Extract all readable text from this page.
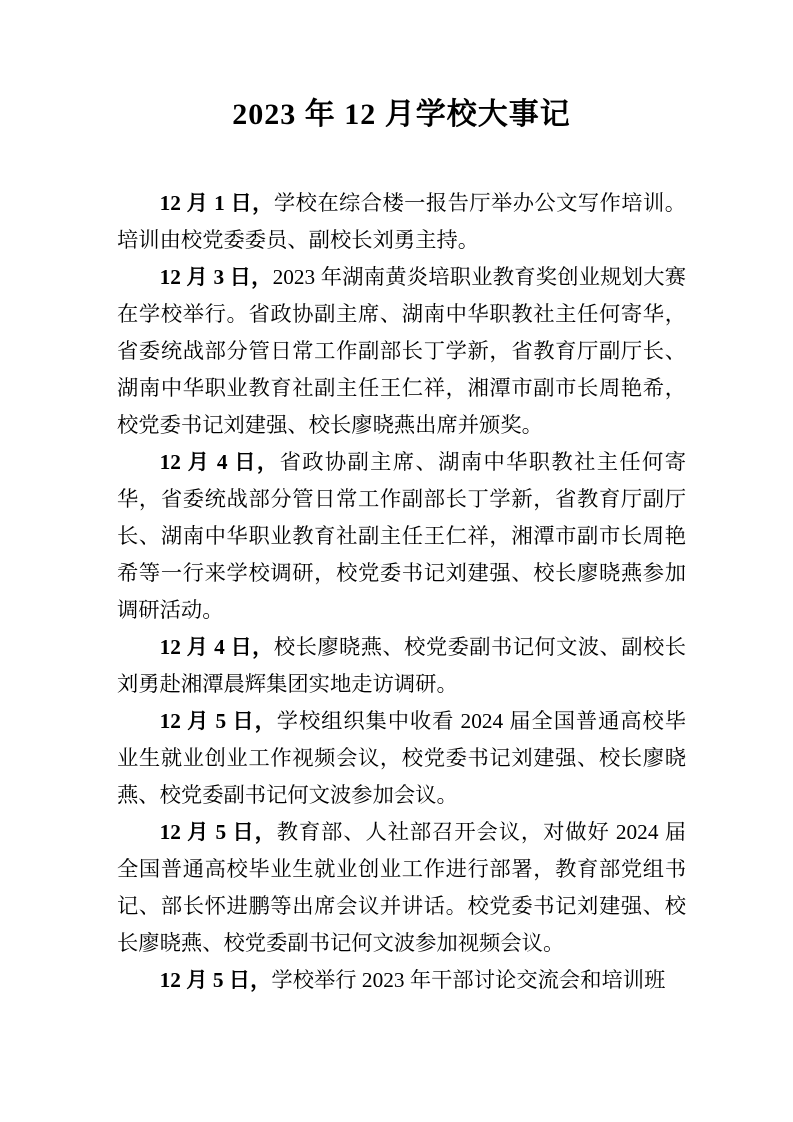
2023 年 12 月学校大事记

12 月 1 日，学校在综合楼一报告厅举办公文写作培训。培训由校党委委员、副校长刘勇主持。

12 月 3 日，2023 年湖南黄炎培职业教育奖创业规划大赛在学校举行。省政协副主席、湖南中华职教社主任何寄华，省委统战部分管日常工作副部长丁学新，省教育厅副厅长、湖南中华职业教育社副主任王仁祥，湘潭市副市长周艳希，校党委书记刘建强、校长廖晓燕出席并颁奖。

12 月 4 日，省政协副主席、湖南中华职教社主任何寄华，省委统战部分管日常工作副部长丁学新，省教育厅副厅长、湖南中华职业教育社副主任王仁祥，湘潭市副市长周艳希等一行来学校调研，校党委书记刘建强、校长廖晓燕参加调研活动。

12 月 4 日，校长廖晓燕、校党委副书记何文波、副校长刘勇赴湘潭晨辉集团实地走访调研。

12 月 5 日，学校组织集中收看 2024 届全国普通高校毕业生就业创业工作视频会议，校党委书记刘建强、校长廖晓燕、校党委副书记何文波参加会议。

12 月 5 日，教育部、人社部召开会议，对做好 2024 届全国普通高校毕业生就业创业工作进行部署，教育部党组书记、部长怀进鹏等出席会议并讲话。校党委书记刘建强、校长廖晓燕、校党委副书记何文波参加视频会议。

12 月 5 日，学校举行 2023 年干部讨论交流会和培训班
